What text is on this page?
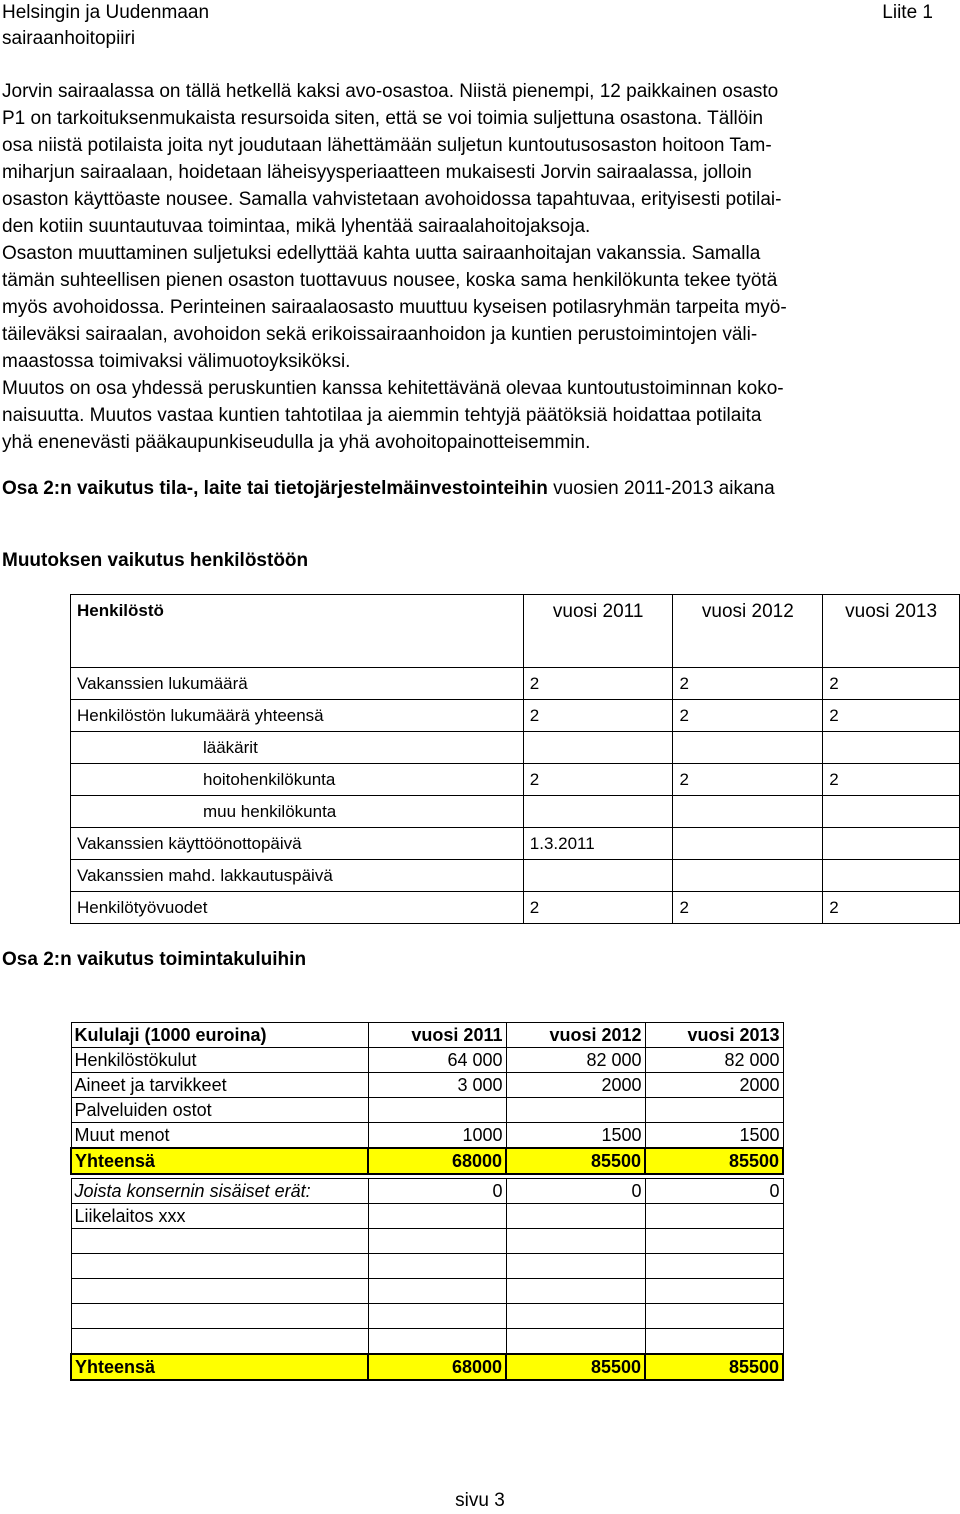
Helsingin ja Uudenmaan
sairaanhoitopiiri
Liite 1
Jorvin sairaalassa on tällä hetkellä kaksi avo-osastoa. Niistä pienempi, 12 paikkainen osasto
P1 on tarkoituksenmukaista resursoida siten, että se voi toimia suljettuna osastona. Tällöin
osa niistä potilaista joita nyt joudutaan lähettämään suljetun kuntoutusosaston hoitoon Tam-
miharjun sairaalaan, hoidetaan läheisyysperiaatteen mukaisesti Jorvin sairaalassa, jolloin
osaston käyttöaste nousee. Samalla vahvistetaan avohoidossa tapahtuvaa, erityisesti potilai-
den kotiin suuntautuvaa toimintaa, mikä lyhentää sairaalahoitojaksoja.
Osaston muuttaminen suljetuksi edellyttää kahta uutta sairaanhoitajan vakanssia. Samalla
tämän suhteellisen pienen osaston tuottavuus nousee, koska sama henkilökunta tekee työtä
myös avohoidossa. Perinteinen sairaalaosasto muuttuu kyseisen potilasryhmän tarpeita myö-
täileväksi sairaalan, avohoidon sekä erikoissairaanhoidon ja kuntien perustoimintojen väli-
maastossa toimivaksi välimuotoyksiköksi.
Muutos on osa yhdessä peruskuntien kanssa kehitettävänä olevaa kuntoutustoiminnan koko-
naisuutta. Muutos vastaa kuntien tahtotilaa ja aiemmin tehtyjä päätöksiä hoidattaa potilaita
yhä enenevästi pääkaupunkiseudulla ja yhä avohoitopainotteisemmin.
Osa 2:n vaikutus tila-, laite tai tietojärjestelmäinvestointeihin vuosien 2011-2013 aikana
Muutoksen vaikutus henkilöstöön
Henkilöstö	vuosi 2011	vuosi 2012	vuosi 2013
Vakanssien lukumäärä	2	2	2
Henkilöstön lukumäärä yhteensä	2	2	2
lääkärit			
hoitohenkilökunta	2	2	2
muu henkilökunta			
Vakanssien käyttöönottopäivä	1.3.2011		
Vakanssien mahd. lakkautuspäivä			
Henkilötyövuodet	2	2	2
Osa 2:n vaikutus toimintakuluihin
Kululaji (1000 euroina)	vuosi 2011	vuosi 2012	vuosi 2013
Henkilöstökulut	64 000	82 000	82 000
Aineet ja tarvikkeet	3 000	2000	2000
Palveluiden ostot			
Muut menot	1000	1500	1500
Yhteensä	68000	85500	85500

Joista konsernin sisäiset erät:	0	0	0
Liikelaitos xxx			

Yhteensä	68000	85500	85500
sivu 3
